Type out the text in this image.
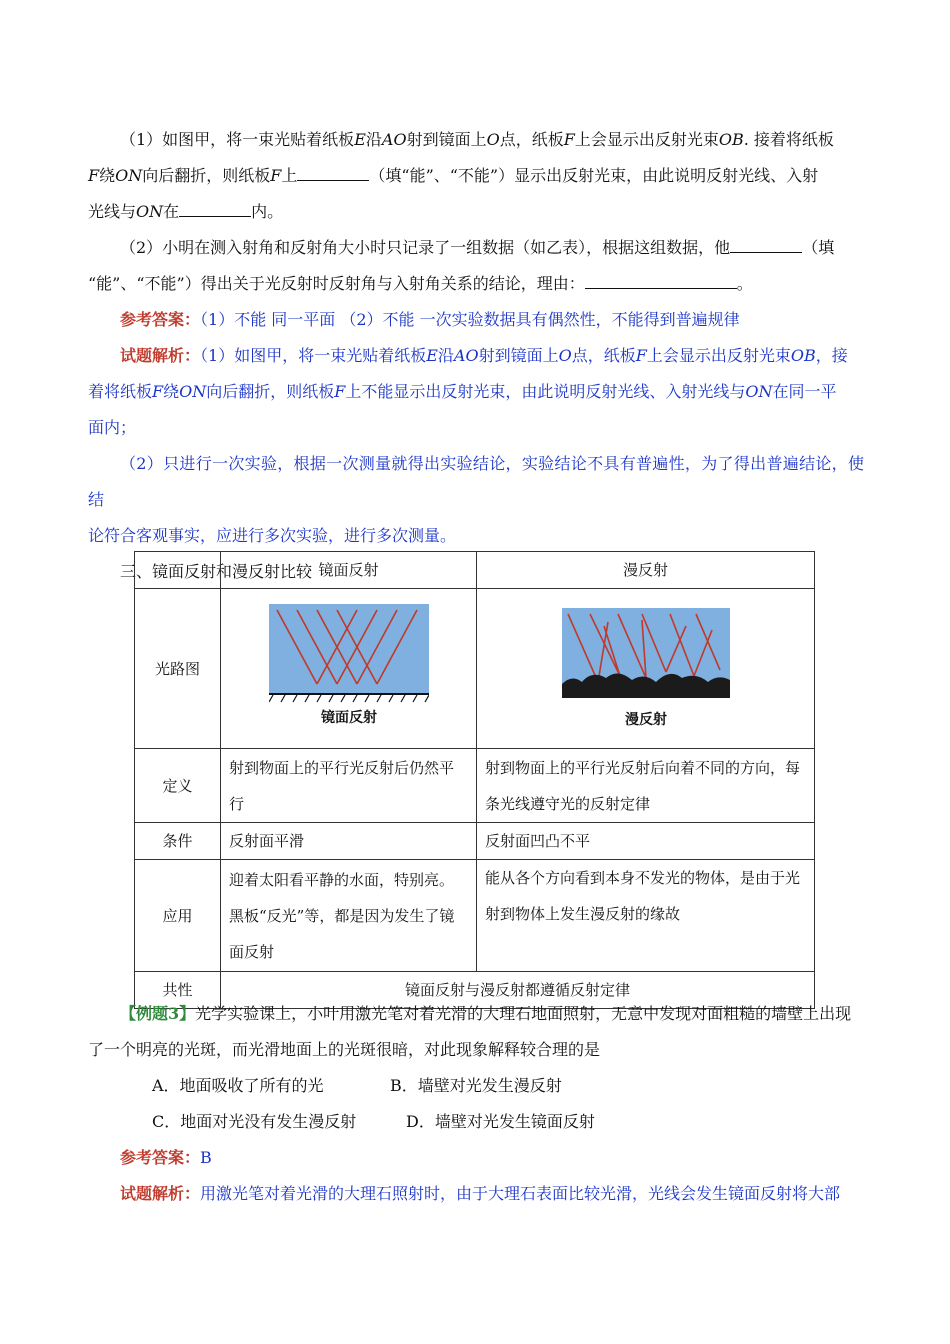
（1）如图甲，将一束光贴着纸板E沿AO射到镜面上O点，纸板F上会显示出反射光束OB. 接着将纸板

F绕ON向后翻折，则纸板F上	（填“能”、“不能”）显示出反射光束，由此说明反射光线、入射

光线与ON在	内。

（2）小明在测入射角和反射角大小时只记录了一组数据（如乙表），根据这组数据，他	（填

“能”、“不能”）得出关于光反射时反射角与入射角关系的结论，理由：	。

参考答案：（1）不能 同一平面 （2）不能 一次实验数据具有偶然性，不能得到普遍规律

试题解析：（1）如图甲，将一束光贴着纸板E沿AO射到镜面上O点，纸板F上会显示出反射光束OB，接

着将纸板F绕ON向后翻折，则纸板F上不能显示出反射光束，由此说明反射光线、入射光线与ON在同一平

面内；

（2）只进行一次实验，根据一次测量就得出实验结论，实验结论不具有普遍性，为了得出普遍结论，使结

论符合客观事实，应进行多次实验，进行多次测量。

三、镜面反射和漫反射比较

	镜面反射	漫反射
光路图	镜面反射	漫反射

定义	射到物面上的平行光反射后仍然平行	射到物面上的平行光反射后向着不同的方向，每条光线遵守光的反射定律
条件	反射面平滑	反射面凹凸不平
应用	迎着太阳看平静的水面，特别亮。黑板“反光”等，都是因为发生了镜面反射	能从各个方向看到本身不发光的物体，是由于光射到物体上发生漫反射的缘故
共性	镜面反射与漫反射都遵循反射定律	

【例题3】光学实验课上，小叶用激光笔对着光滑的大理石地面照射，无意中发现对面粗糙的墙壁上出现

了一个明亮的光斑，而光滑地面上的光斑很暗，对此现象解释较合理的是

A．地面吸收了所有的光	B．墙壁对光发生漫反射

C．地面对光没有发生漫反射	D．墙壁对光发生镜面反射

参考答案：B

试题解析：用激光笔对着光滑的大理石照射时，由于大理石表面比较光滑，光线会发生镜面反射将大部
